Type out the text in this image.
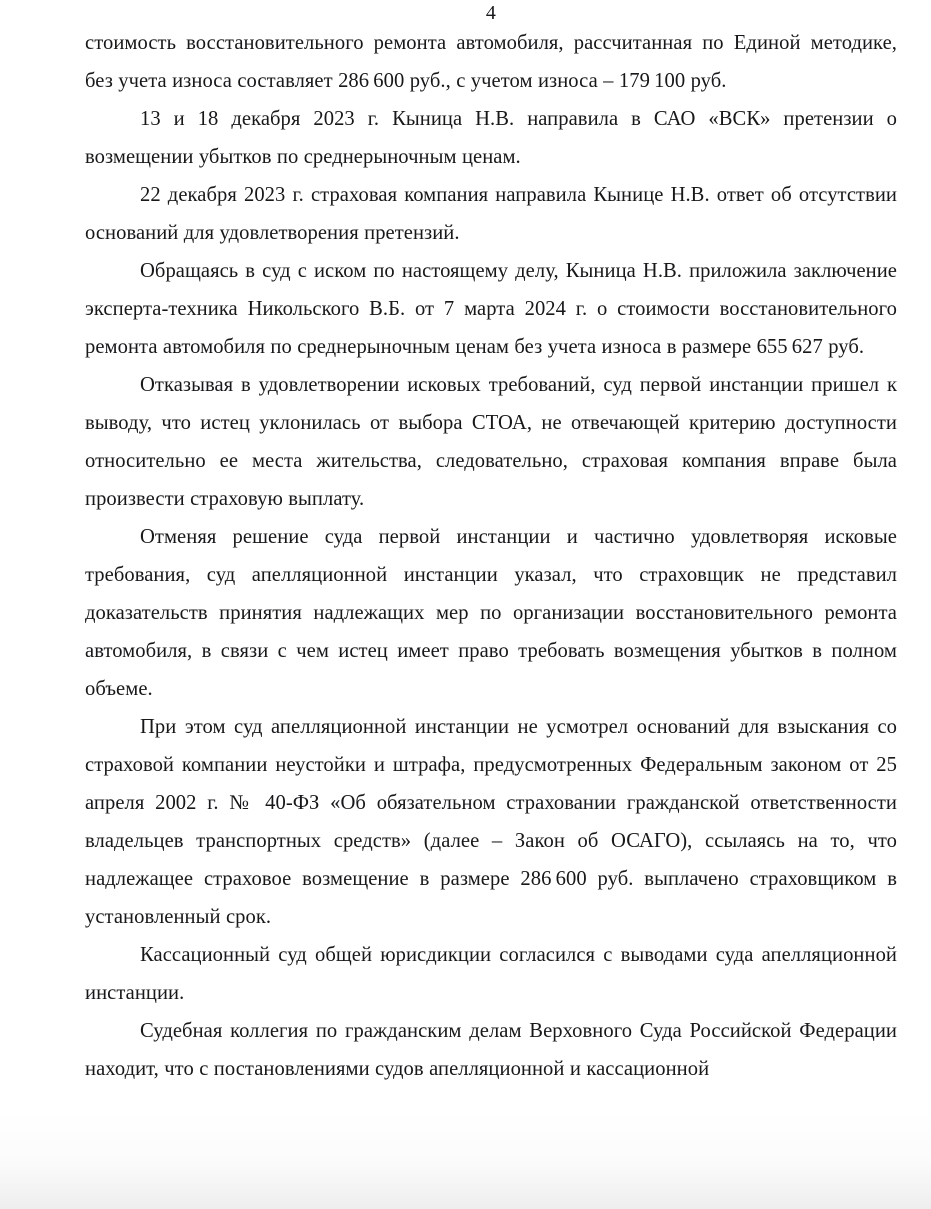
4

стоимость восстановительного ремонта автомобиля, рассчитанная по Единой методике, без учета износа составляет 286 600 руб., с учетом износа – 179 100 руб.

13 и 18 декабря 2023 г. Кыница Н.В. направила в САО «ВСК» претензии о возмещении убытков по среднерыночным ценам.

22 декабря 2023 г. страховая компания направила Кынице Н.В. ответ об отсутствии оснований для удовлетворения претензий.

Обращаясь в суд с иском по настоящему делу, Кыница Н.В. приложила заключение эксперта-техника Никольского В.Б. от 7 марта 2024 г. о стоимости восстановительного ремонта автомобиля по среднерыночным ценам без учета износа в размере 655 627 руб.

Отказывая в удовлетворении исковых требований, суд первой инстанции пришел к выводу, что истец уклонилась от выбора СТОА, не отвечающей критерию доступности относительно ее места жительства, следовательно, страховая компания вправе была произвести страховую выплату.

Отменяя решение суда первой инстанции и частично удовлетворяя исковые требования, суд апелляционной инстанции указал, что страховщик не представил доказательств принятия надлежащих мер по организации восстановительного ремонта автомобиля, в связи с чем истец имеет право требовать возмещения убытков в полном объеме.

При этом суд апелляционной инстанции не усмотрел оснований для взыскания со страховой компании неустойки и штрафа, предусмотренных Федеральным законом от 25 апреля 2002 г. № 40-ФЗ «Об обязательном страховании гражданской ответственности владельцев транспортных средств» (далее – Закон об ОСАГО), ссылаясь на то, что надлежащее страховое возмещение в размере 286 600 руб. выплачено страховщиком в установленный срок.

Кассационный суд общей юрисдикции согласился с выводами суда апелляционной инстанции.

Судебная коллегия по гражданским делам Верховного Суда Российской Федерации находит, что с постановлениями судов апелляционной и кассационной
